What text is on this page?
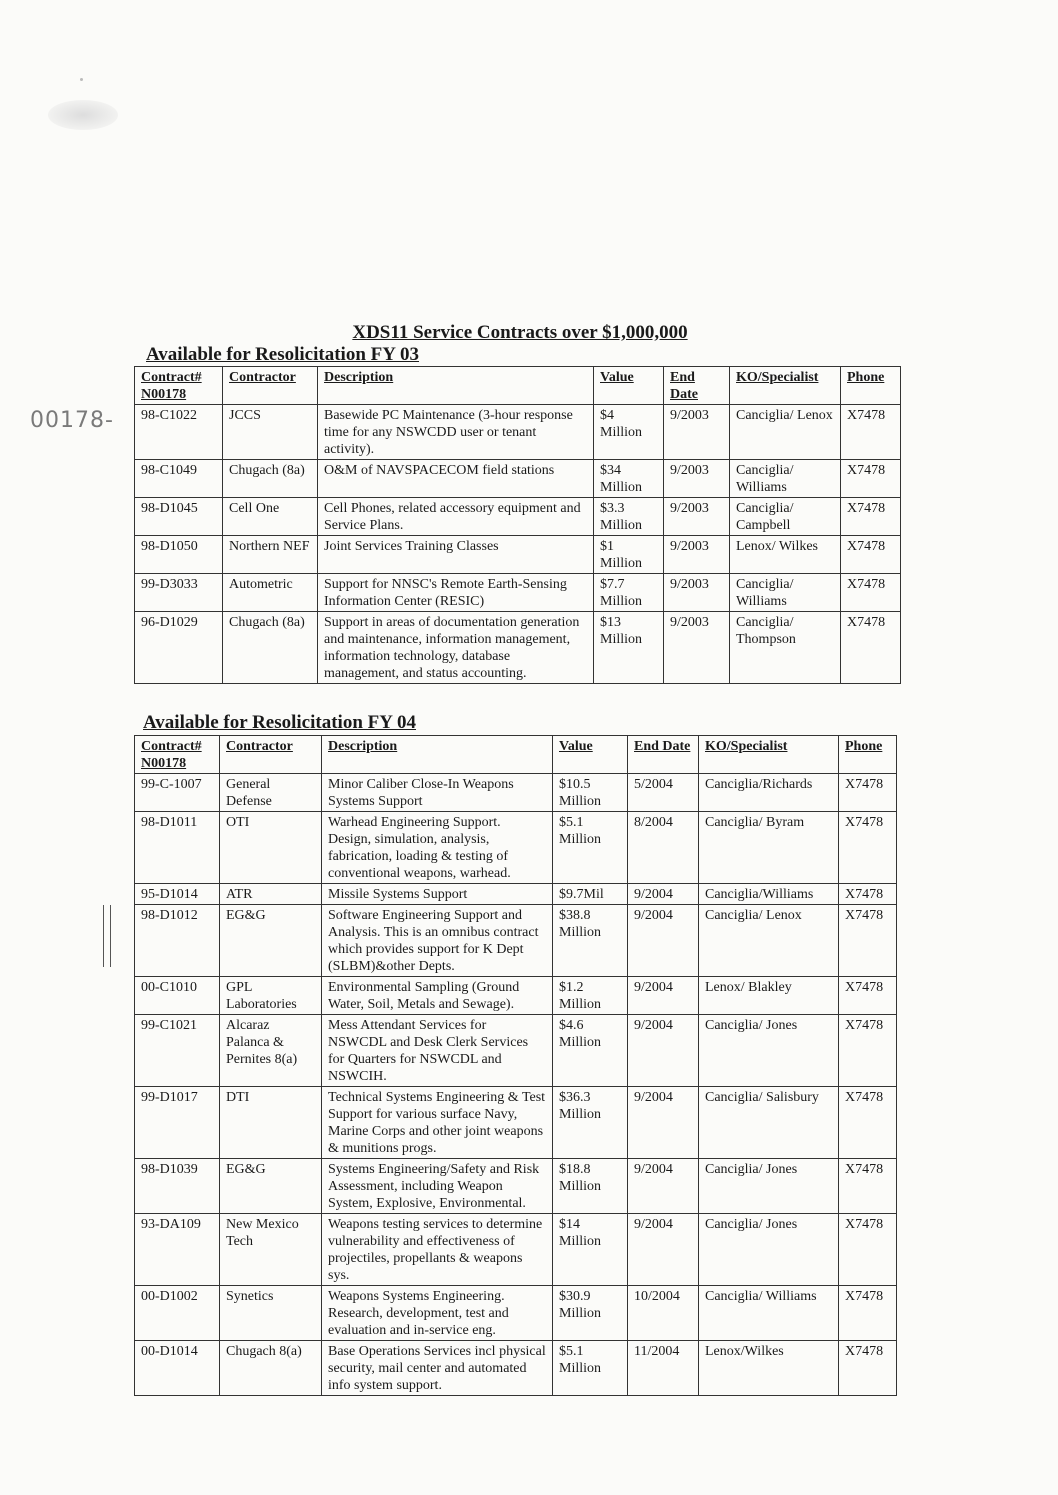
00178-
XDS11 Service Contracts over $1,000,000
Available for Resolicitation FY 03
Contract# N00178	Contractor	Description	Value	End Date	KO/Specialist	Phone
98-C1022	JCCS	Basewide PC Maintenance (3-hour response time for any NSWCDD user or tenant activity).	$4 Million	9/2003	Canciglia/ Lenox	X7478
98-C1049	Chugach (8a)	O&M of NAVSPACECOM field stations	$34 Million	9/2003	Canciglia/ Williams	X7478
98-D1045	Cell One	Cell Phones, related accessory equipment and Service Plans.	$3.3 Million	9/2003	Canciglia/ Campbell	X7478
98-D1050	Northern NEF	Joint Services Training Classes	$1 Million	9/2003	Lenox/ Wilkes	X7478
99-D3033	Autometric	Support for NNSC's Remote Earth-Sensing Information Center (RESIC)	$7.7 Million	9/2003	Canciglia/ Williams	X7478
96-D1029	Chugach (8a)	Support in areas of documentation generation and maintenance, information management, information technology, database management, and status accounting.	$13 Million	9/2003	Canciglia/ Thompson	X7478
Available for Resolicitation FY 04
Contract# N00178	Contractor	Description	Value	End Date	KO/Specialist	Phone
99-C-1007	General Defense	Minor Caliber Close-In Weapons Systems Support	$10.5 Million	5/2004	Canciglia/Richards	X7478
98-D1011	OTI	Warhead Engineering Support. Design, simulation, analysis, fabrication, loading & testing of conventional weapons, warhead.	$5.1 Million	8/2004	Canciglia/ Byram	X7478
95-D1014	ATR	Missile Systems Support	$9.7Mil	9/2004	Canciglia/Williams	X7478
98-D1012	EG&G	Software Engineering Support and Analysis. This is an omnibus contract which provides support for K Dept (SLBM)&other Depts.	$38.8 Million	9/2004	Canciglia/ Lenox	X7478
00-C1010	GPL Laboratories	Environmental Sampling (Ground Water, Soil, Metals and Sewage).	$1.2 Million	9/2004	Lenox/ Blakley	X7478
99-C1021	Alcaraz Palanca & Pernites 8(a)	Mess Attendant Services for NSWCDL and Desk Clerk Services for Quarters for NSWCDL and NSWCIH.	$4.6 Million	9/2004	Canciglia/ Jones	X7478
99-D1017	DTI	Technical Systems Engineering & Test Support for various surface Navy, Marine Corps and other joint weapons & munitions progs.	$36.3 Million	9/2004	Canciglia/ Salisbury	X7478
98-D1039	EG&G	Systems Engineering/Safety and Risk Assessment, including Weapon System, Explosive, Environmental.	$18.8 Million	9/2004	Canciglia/ Jones	X7478
93-DA109	New Mexico Tech	Weapons testing services to determine vulnerability and effectiveness of projectiles, propellants & weapons sys.	$14 Million	9/2004	Canciglia/ Jones	X7478
00-D1002	Synetics	Weapons Systems Engineering. Research, development, test and evaluation and in-service eng.	$30.9 Million	10/2004	Canciglia/ Williams	X7478
00-D1014	Chugach 8(a)	Base Operations Services incl physical security, mail center and automated info system support.	$5.1 Million	11/2004	Lenox/Wilkes	X7478
